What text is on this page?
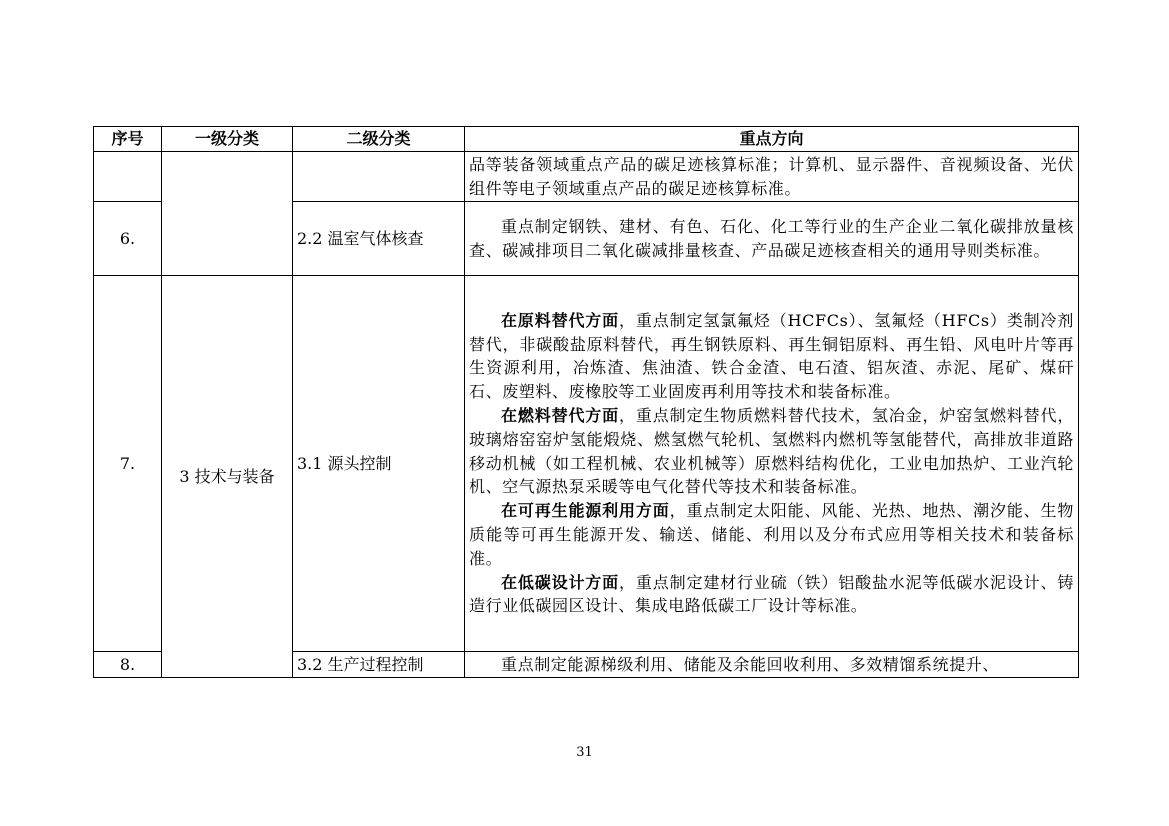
序号	一级分类	二级分类	重点方向

			品等装备领域重点产品的碳足迹核算标准；计算机、显示器件、音视频设备、光伏组件等电子领域重点产品的碳足迹核算标准。

6.		2.2 温室气体核查	重点制定钢铁、建材、有色、石化、化工等行业的生产企业二氧化碳排放量核查、碳减排项目二氧化碳减排量核查、产品碳足迹核查相关的通用导则类标准。

7.	3 技术与装备	3.1 源头控制	在原料替代方面，重点制定氢氯氟烃（HCFCs）、氢氟烃（HFCs）类制冷剂替代，非碳酸盐原料替代，再生钢铁原料、再生铜铝原料、再生铅、风电叶片等再生资源利用，冶炼渣、焦油渣、铁合金渣、电石渣、铝灰渣、赤泥、尾矿、煤矸石、废塑料、废橡胶等工业固废再利用等技术和装备标准。

在燃料替代方面，重点制定生物质燃料替代技术，氢冶金，炉窑氢燃料替代，玻璃熔窑窑炉氢能煅烧、燃氢燃气轮机、氢燃料内燃机等氢能替代，高排放非道路移动机械（如工程机械、农业机械等）原燃料结构优化，工业电加热炉、工业汽轮机、空气源热泵采暖等电气化替代等技术和装备标准。

在可再生能源利用方面，重点制定太阳能、风能、光热、地热、潮汐能、生物质能等可再生能源开发、输送、储能、利用以及分布式应用等相关技术和装备标准。

在低碳设计方面，重点制定建材行业硫（铁）铝酸盐水泥等低碳水泥设计、铸造行业低碳园区设计、集成电路低碳工厂设计等标准。

8.		3.2 生产过程控制	重点制定能源梯级利用、储能及余能回收利用、多效精馏系统提升、

31
